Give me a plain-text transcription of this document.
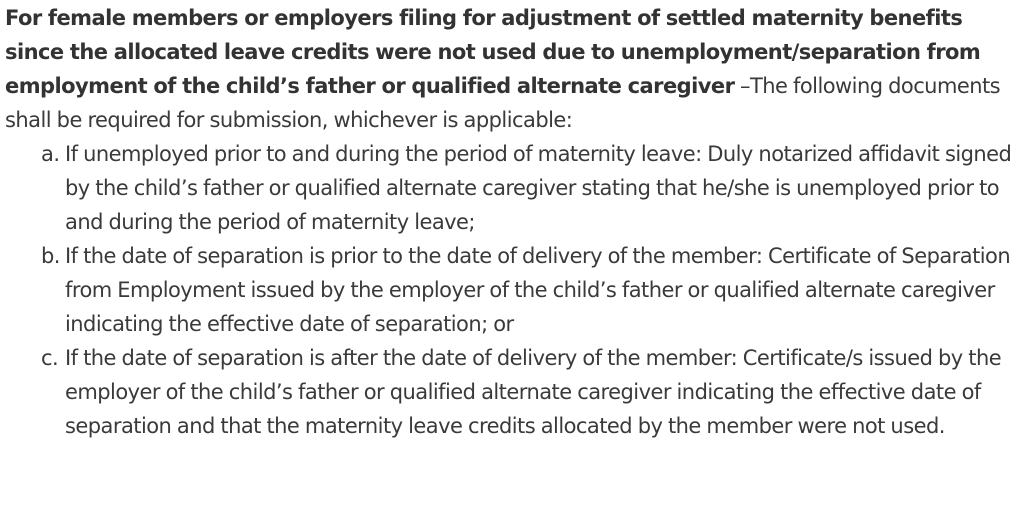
For female members or employers filing for adjustment of settled maternity benefits since the allocated leave credits were not used due to unemployment/separation from employment of the child’s father or qualified alternate caregiver –The following documents shall be required for submission, whichever is applicable:

a. If unemployed prior to and during the period of maternity leave: Duly notarized affidavit signed by the child’s father or qualified alternate caregiver stating that he/she is unemployed prior to and during the period of maternity leave;
b. If the date of separation is prior to the date of delivery of the member: Certificate of Separation from Employment issued by the employer of the child’s father or qualified alternate caregiver indicating the effective date of separation; or
c. If the date of separation is after the date of delivery of the member: Certificate/s issued by the employer of the child’s father or qualified alternate caregiver indicating the effective date of separation and that the maternity leave credits allocated by the member were not used.
